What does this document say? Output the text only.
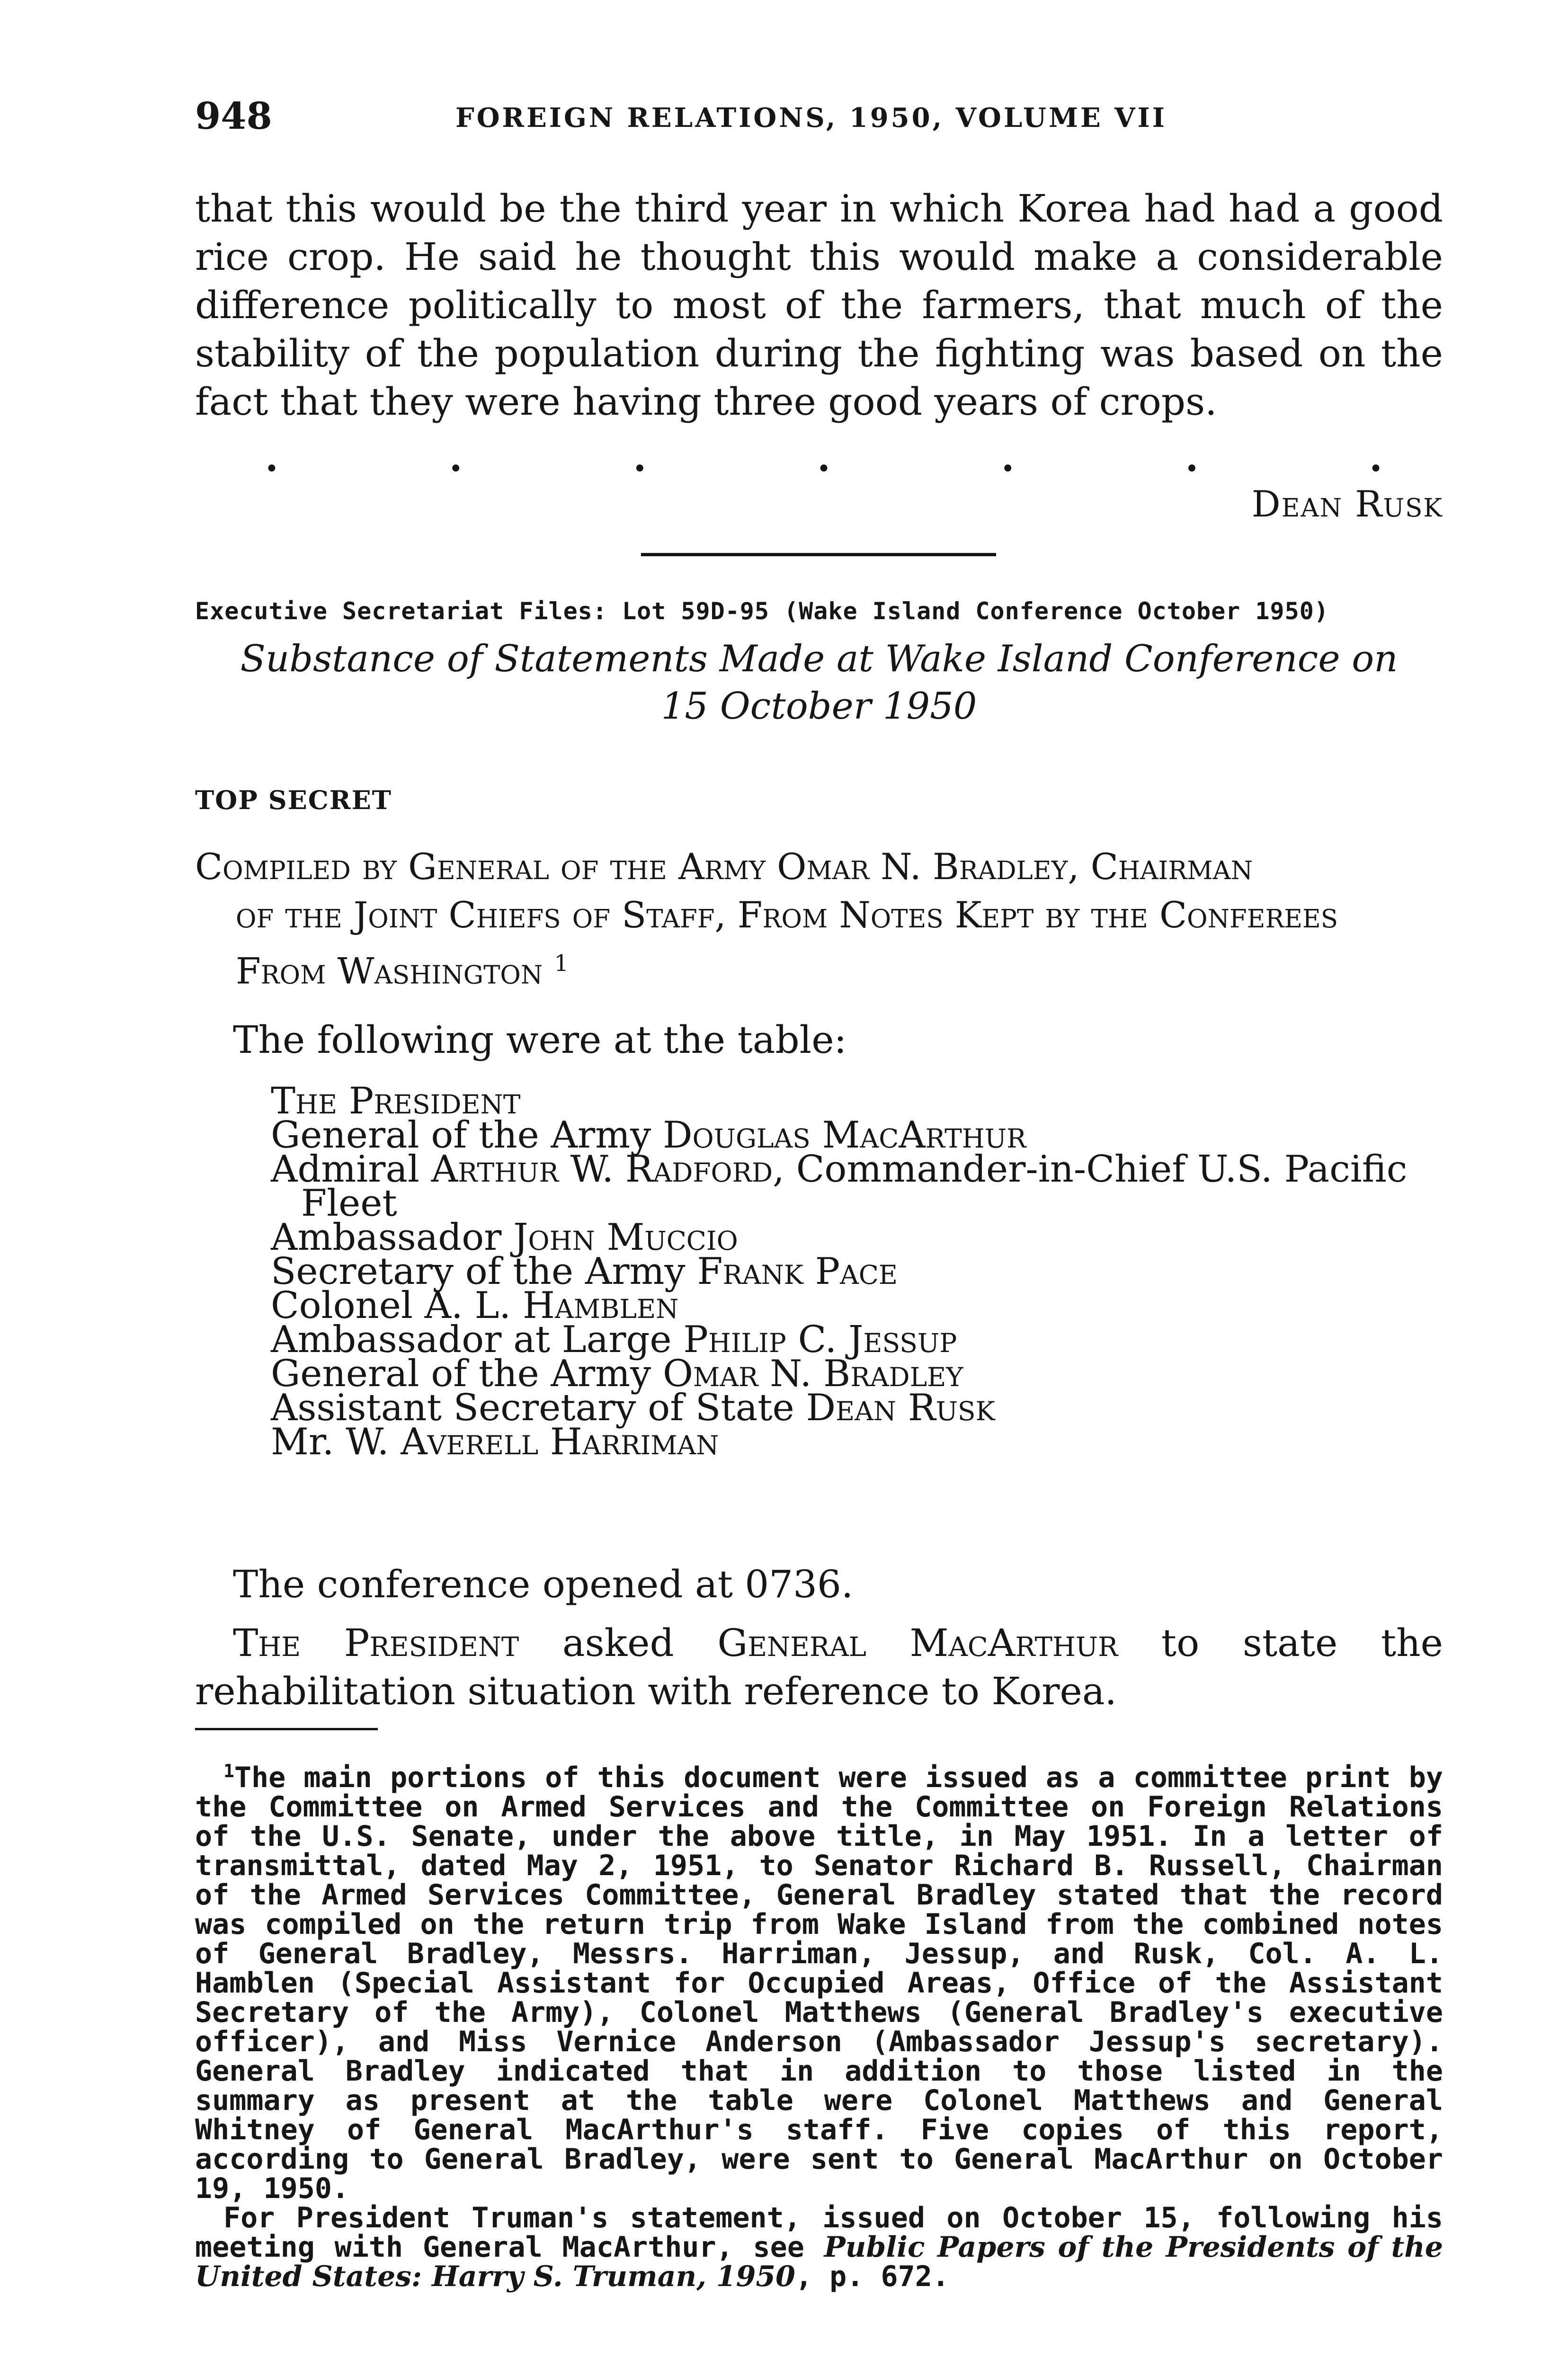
948	FOREIGN RELATIONS, 1950, VOLUME VII
that this would be the third year in which Korea had had a good rice crop. He said he thought this would make a considerable difference politically to most of the farmers, that much of the stability of the population during the fighting was based on the fact that they were having three good years of crops.
.	.	.	.	.	.	.
Dean Rusk
Executive Secretariat Files: Lot 59D-95 (Wake Island Conference October 1950)
Substance of Statements Made at Wake Island Conference on
15 October 1950
TOP SECRET
Compiled by General of the Army Omar N. Bradley, Chairman
of the Joint Chiefs of Staff, From Notes Kept by the Conferees
From Washington $^1$
The following were at the table:
The President
General of the Army Douglas MacArthur
Admiral Arthur W. Radford, Commander-in-Chief U.S. Pacific
Fleet
Ambassador John Muccio
Secretary of the Army Frank Pace
Colonel A. L. Hamblen
Ambassador at Large Philip C. Jessup
General of the Army Omar N. Bradley
Assistant Secretary of State Dean Rusk
Mr. W. Averell Harriman
The conference opened at 0736.
The President asked General MacArthur to state the rehabilitation situation with reference to Korea.

$^1$The main portions of this document were issued as a committee print by the Committee on Armed Services and the Committee on Foreign Relations of the U.S. Senate, under the above title, in May 1951. In a letter of transmittal, dated May 2, 1951, to Senator Richard B. Russell, Chairman of the Armed Services Committee, General Bradley stated that the record was compiled on the return trip from Wake Island from the combined notes of General Bradley, Messrs. Harriman, Jessup, and Rusk, Col. A. L. Hamblen (Special Assistant for Occupied Areas, Office of the Assistant Secretary of the Army), Colonel Matthews (General Bradley's executive officer), and Miss Vernice Anderson (Ambassador Jessup's secretary). General Bradley indicated that in addition to those listed in the summary as present at the table were Colonel Matthews and General Whitney of General MacArthur's staff. Five copies of this report, according to General Bradley, were sent to General MacArthur on October 19, 1950.

For President Truman's statement, issued on October 15, following his meeting with General MacArthur, see Public Papers of the Presidents of the United States: Harry S. Truman, 1950, p. 672.
